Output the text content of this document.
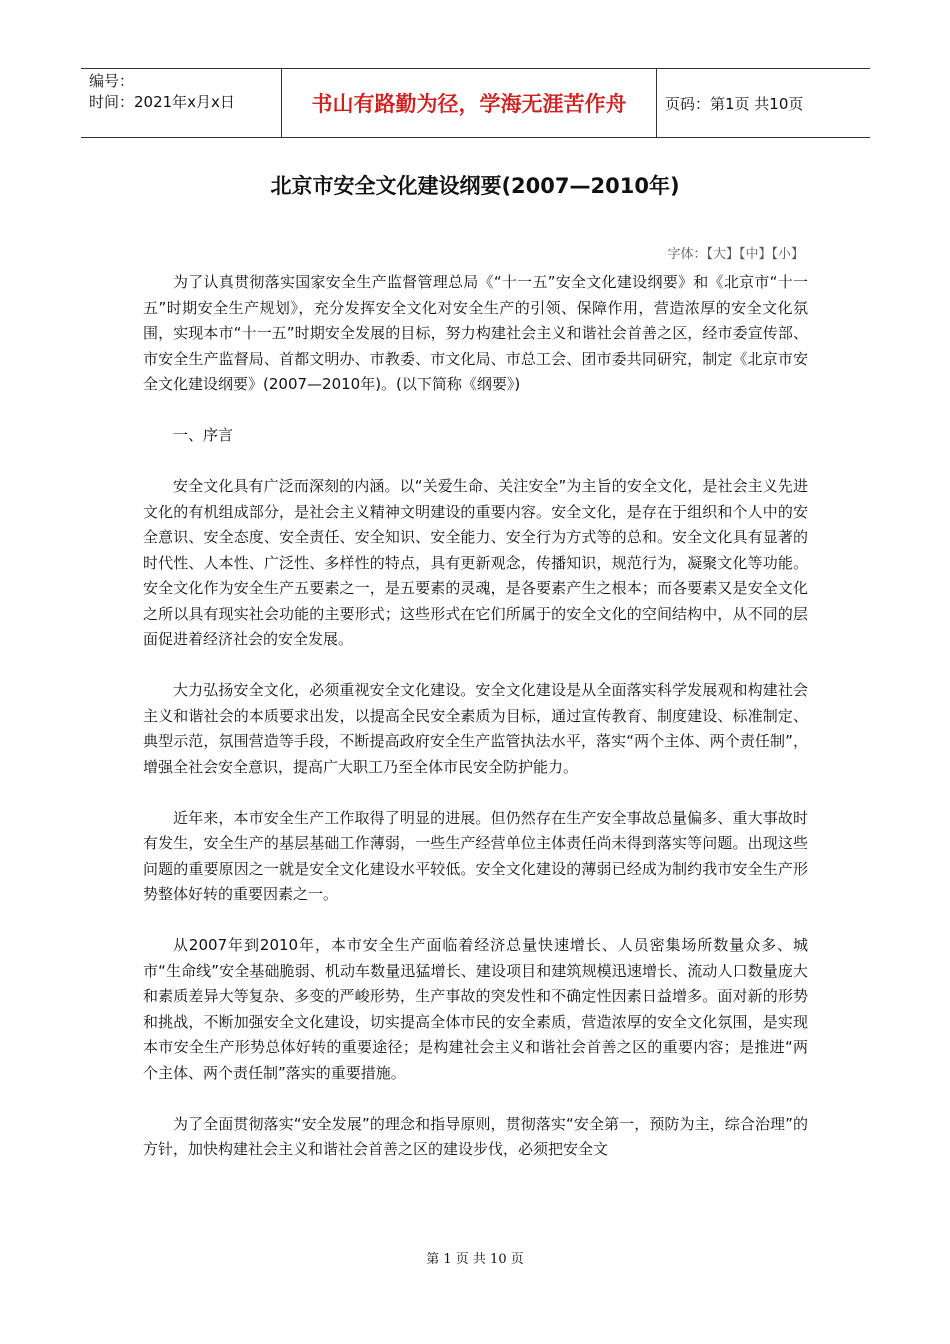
编号：
时间：2021年x月x日	书山有路勤为径，学海无涯苦作舟	页码：第1页 共10页
北京市安全文化建设纲要(2007—2010年)
字体：【大】【中】【小】

为了认真贯彻落实国家安全生产监督管理总局《“十一五”安全文化建设纲要》和《北京市“十一五”时期安全生产规划》，充分发挥安全文化对安全生产的引领、保障作用，营造浓厚的安全文化氛围，实现本市“十一五”时期安全发展的目标，努力构建社会主义和谐社会首善之区，经市委宣传部、市安全生产监督局、首都文明办、市教委、市文化局、市总工会、团市委共同研究，制定《北京市安全文化建设纲要》(2007—2010年)。(以下简称《纲要》)

一、序言

安全文化具有广泛而深刻的内涵。以“关爱生命、关注安全”为主旨的安全文化，是社会主义先进文化的有机组成部分，是社会主义精神文明建设的重要内容。安全文化，是存在于组织和个人中的安全意识、安全态度、安全责任、安全知识、安全能力、安全行为方式等的总和。安全文化具有显著的时代性、人本性、广泛性、多样性的特点，具有更新观念，传播知识，规范行为，凝聚文化等功能。安全文化作为安全生产五要素之一，是五要素的灵魂，是各要素产生之根本；而各要素又是安全文化之所以具有现实社会功能的主要形式；这些形式在它们所属于的安全文化的空间结构中，从不同的层面促进着经济社会的安全发展。

大力弘扬安全文化，必须重视安全文化建设。安全文化建设是从全面落实科学发展观和构建社会主义和谐社会的本质要求出发，以提高全民安全素质为目标，通过宣传教育、制度建设、标准制定、典型示范，氛围营造等手段，不断提高政府安全生产监管执法水平，落实“两个主体、两个责任制”，增强全社会安全意识，提高广大职工乃至全体市民安全防护能力。

近年来，本市安全生产工作取得了明显的进展。但仍然存在生产安全事故总量偏多、重大事故时有发生，安全生产的基层基础工作薄弱，一些生产经营单位主体责任尚未得到落实等问题。出现这些问题的重要原因之一就是安全文化建设水平较低。安全文化建设的薄弱已经成为制约我市安全生产形势整体好转的重要因素之一。

从2007年到2010年，本市安全生产面临着经济总量快速增长、人员密集场所数量众多、城市“生命线”安全基础脆弱、机动车数量迅猛增长、建设项目和建筑规模迅速增长、流动人口数量庞大和素质差异大等复杂、多变的严峻形势，生产事故的突发性和不确定性因素日益增多。面对新的形势和挑战，不断加强安全文化建设，切实提高全体市民的安全素质，营造浓厚的安全文化氛围，是实现本市安全生产形势总体好转的重要途径；是构建社会主义和谐社会首善之区的重要内容；是推进“两个主体、两个责任制”落实的重要措施。

为了全面贯彻落实“安全发展”的理念和指导原则，贯彻落实“安全第一，预防为主，综合治理”的方针，加快构建社会主义和谐社会首善之区的建设步伐，必须把安全文

第 1 页 共 10 页
